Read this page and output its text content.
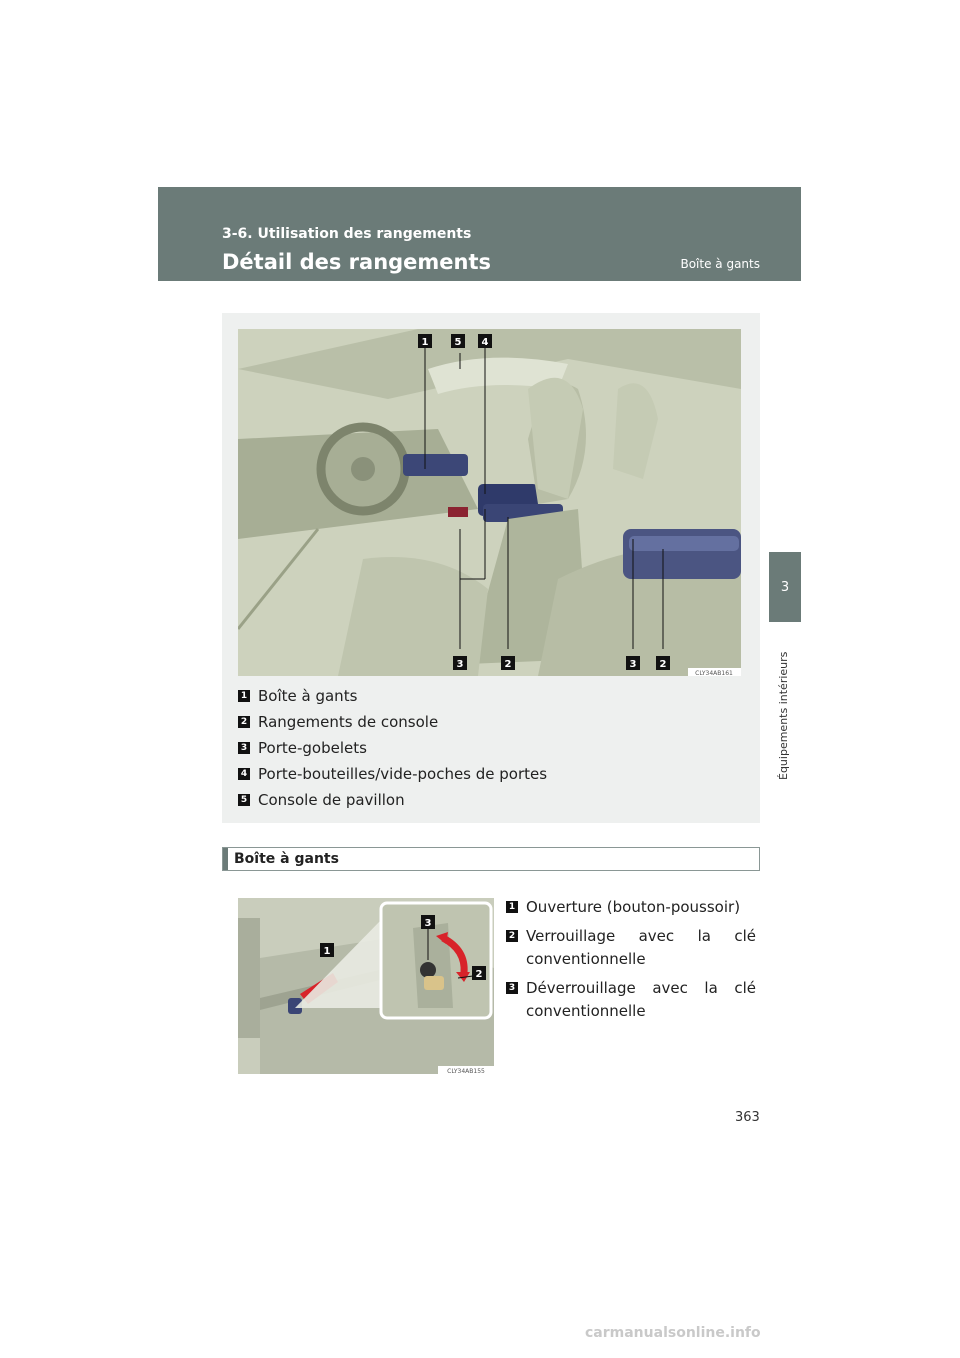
3-6. Utilisation des rangements
Détail des rangements	Boîte à gants
3
Équipements intérieurs
1	5 4
3	2	3 2
CLY34AB161
1 Boîte à gants
2 Rangements de console
3 Porte-gobelets
4 Porte-bouteilles/vide-poches de portes
5 Console de pavillon
Boîte à gants
1
3
2
CLY34AB155
1 Ouverture (bouton-poussoir)
2 Verrouillage avec la clé conventionnelle
3 Déverrouillage avec la clé conventionnelle
363
carmanualsonline.info
